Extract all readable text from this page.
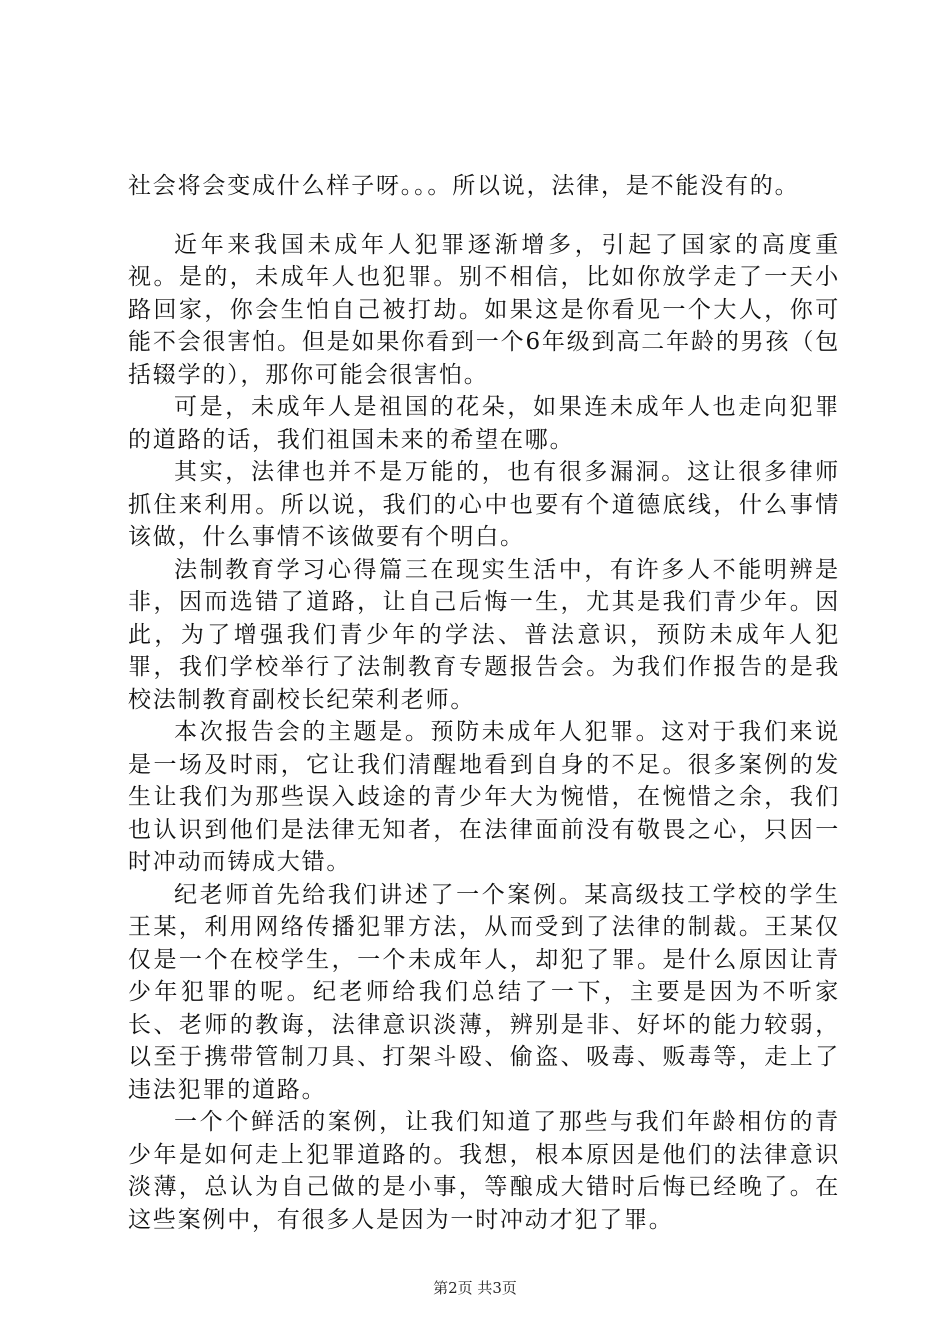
社会将会变成什么样子呀。。。所以说，法律，是不能没有的。

近年来我国未成年人犯罪逐渐增多，引起了国家的高度重视。是的，未成年人也犯罪。别不相信，比如你放学走了一天小路回家，你会生怕自己被打劫。如果这是你看见一个大人，你可能不会很害怕。但是如果你看到一个6年级到高二年龄的男孩（包括辍学的），那你可能会很害怕。

可是，未成年人是祖国的花朵，如果连未成年人也走向犯罪的道路的话，我们祖国未来的希望在哪。

其实，法律也并不是万能的，也有很多漏洞。这让很多律师抓住来利用。所以说，我们的心中也要有个道德底线，什么事情该做，什么事情不该做要有个明白。

法制教育学习心得篇三在现实生活中，有许多人不能明辨是非，因而选错了道路，让自己后悔一生，尤其是我们青少年。因此，为了增强我们青少年的学法、普法意识，预防未成年人犯罪，我们学校举行了法制教育专题报告会。为我们作报告的是我校法制教育副校长纪荣利老师。

本次报告会的主题是。预防未成年人犯罪。这对于我们来说是一场及时雨，它让我们清醒地看到自身的不足。很多案例的发生让我们为那些误入歧途的青少年大为惋惜，在惋惜之余，我们也认识到他们是法律无知者，在法律面前没有敬畏之心，只因一时冲动而铸成大错。

纪老师首先给我们讲述了一个案例。某高级技工学校的学生王某，利用网络传播犯罪方法，从而受到了法律的制裁。王某仅仅是一个在校学生，一个未成年人，却犯了罪。是什么原因让青少年犯罪的呢。纪老师给我们总结了一下，主要是因为不听家长、老师的教诲，法律意识淡薄，辨别是非、好坏的能力较弱，以至于携带管制刀具、打架斗殴、偷盗、吸毒、贩毒等，走上了违法犯罪的道路。

一个个鲜活的案例，让我们知道了那些与我们年龄相仿的青少年是如何走上犯罪道路的。我想，根本原因是他们的法律意识淡薄，总认为自己做的是小事，等酿成大错时后悔已经晚了。在这些案例中，有很多人是因为一时冲动才犯了罪。

第2页 共3页
